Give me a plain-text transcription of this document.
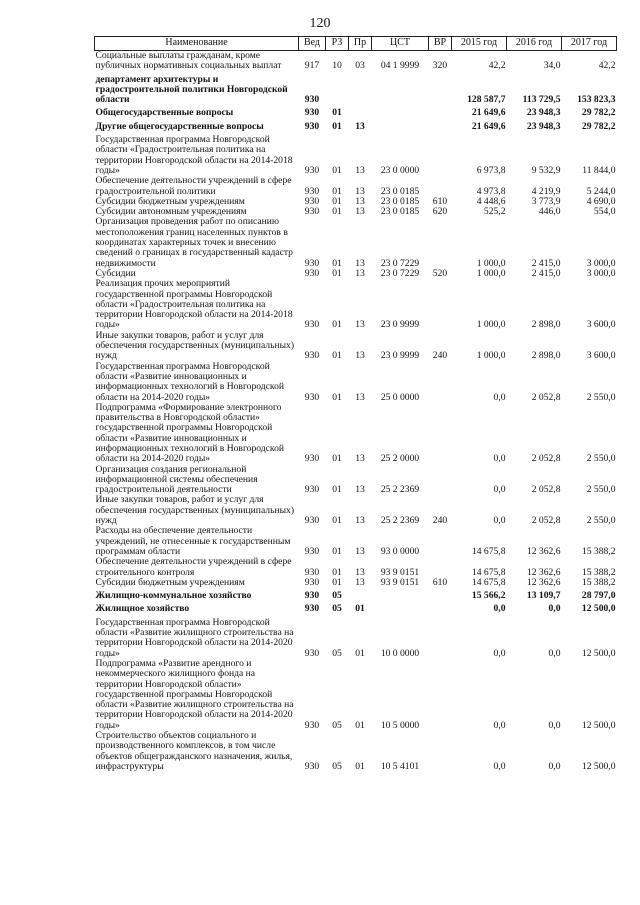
120
Наименование	Вед	РЗ	Пр	ЦСТ	ВР	2015 год	2016 год	2017 год
Социальные выплаты гражданам, кроме публичных нормативных социальных выплат	917	10	03	04 1 9999	320	42,2	34,0	42,2
департамент архитектуры и градостроительной политики Новгородской области	930					128 587,7	113 729,5	153 823,3
Общегосударственные вопросы	930	01				21 649,6	23 948,3	29 782,2
Другие общегосударственные вопросы	930	01	13			21 649,6	23 948,3	29 782,2
Государственная программа Новгородской области «Градостроительная политика на территории Новгородской области на 2014-2018 годы»	930	01	13	23 0 0000		6 973,8	9 532,9	11 844,0
Обеспечение деятельности учреждений в сфере градостроительной политики	930	01	13	23 0 0185		4 973,8	4 219,9	5 244,0
Субсидии бюджетным учреждениям	930	01	13	23 0 0185	610	4 448,6	3 773,9	4 690,0
Субсидии автономным учреждениям	930	01	13	23 0 0185	620	525,2	446,0	554,0
Организация проведения работ по описанию местоположения границ населенных пунктов в координатах характерных точек и внесению сведений о границах в государственный кадастр недвижимости	930	01	13	23 0 7229		1 000,0	2 415,0	3 000,0
Субсидии	930	01	13	23 0 7229	520	1 000,0	2 415,0	3 000,0
Реализация прочих мероприятий государственной программы Новгородской области «Градостроительная политика на территории Новгородской области на 2014-2018 годы»	930	01	13	23 0 9999		1 000,0	2 898,0	3 600,0
Иные закупки товаров, работ и услуг для обеспечения государственных (муниципальных) нужд	930	01	13	23 0 9999	240	1 000,0	2 898,0	3 600,0
Государственная программа Новгородской области «Развитие инновационных и информационных технологий в Новгородской области на 2014-2020 годы»	930	01	13	25 0 0000		0,0	2 052,8	2 550,0
Подпрограмма «Формирование электронного правительства в Новгородской области» государственной программы Новгородской области «Развитие инновационных и информационных технологий в Новгородской области на 2014-2020 годы»	930	01	13	25 2 0000		0,0	2 052,8	2 550,0
Организация создания региональной информационной системы обеспечения градостроительной деятельности	930	01	13	25 2 2369		0,0	2 052,8	2 550,0
Иные закупки товаров, работ и услуг для обеспечения государственных (муниципальных) нужд	930	01	13	25 2 2369	240	0,0	2 052,8	2 550,0
Расходы на обеспечение деятельности учреждений, не отнесенные к государственным программам области	930	01	13	93 0 0000		14 675,8	12 362,6	15 388,2
Обеспечение деятельности учреждений в сфере строительного контроля	930	01	13	93 9 0151		14 675,8	12 362,6	15 388,2
Субсидии бюджетным учреждениям	930	01	13	93 9 0151	610	14 675,8	12 362,6	15 388,2
Жилищно-коммунальное хозяйство	930	05				15 566,2	13 109,7	28 797,0
Жилищное хозяйство	930	05	01			0,0	0,0	12 500,0
Государственная программа Новгородской области «Развитие жилищного строительства на территории Новгородской области на 2014-2020 годы»	930	05	01	10 0 0000		0,0	0,0	12 500,0
Подпрограмма «Развитие арендного и некоммерческого жилищного фонда на территории Новгородской области» государственной программы Новгородской области «Развитие жилищного строительства на территории Новгородской области на 2014-2020 годы»	930	05	01	10 5 0000		0,0	0,0	12 500,0
Строительство объектов социального и производственного комплексов, в том числе объектов общегражданского назначения, жилья, инфраструктуры	930	05	01	10 5 4101		0,0	0,0	12 500,0
